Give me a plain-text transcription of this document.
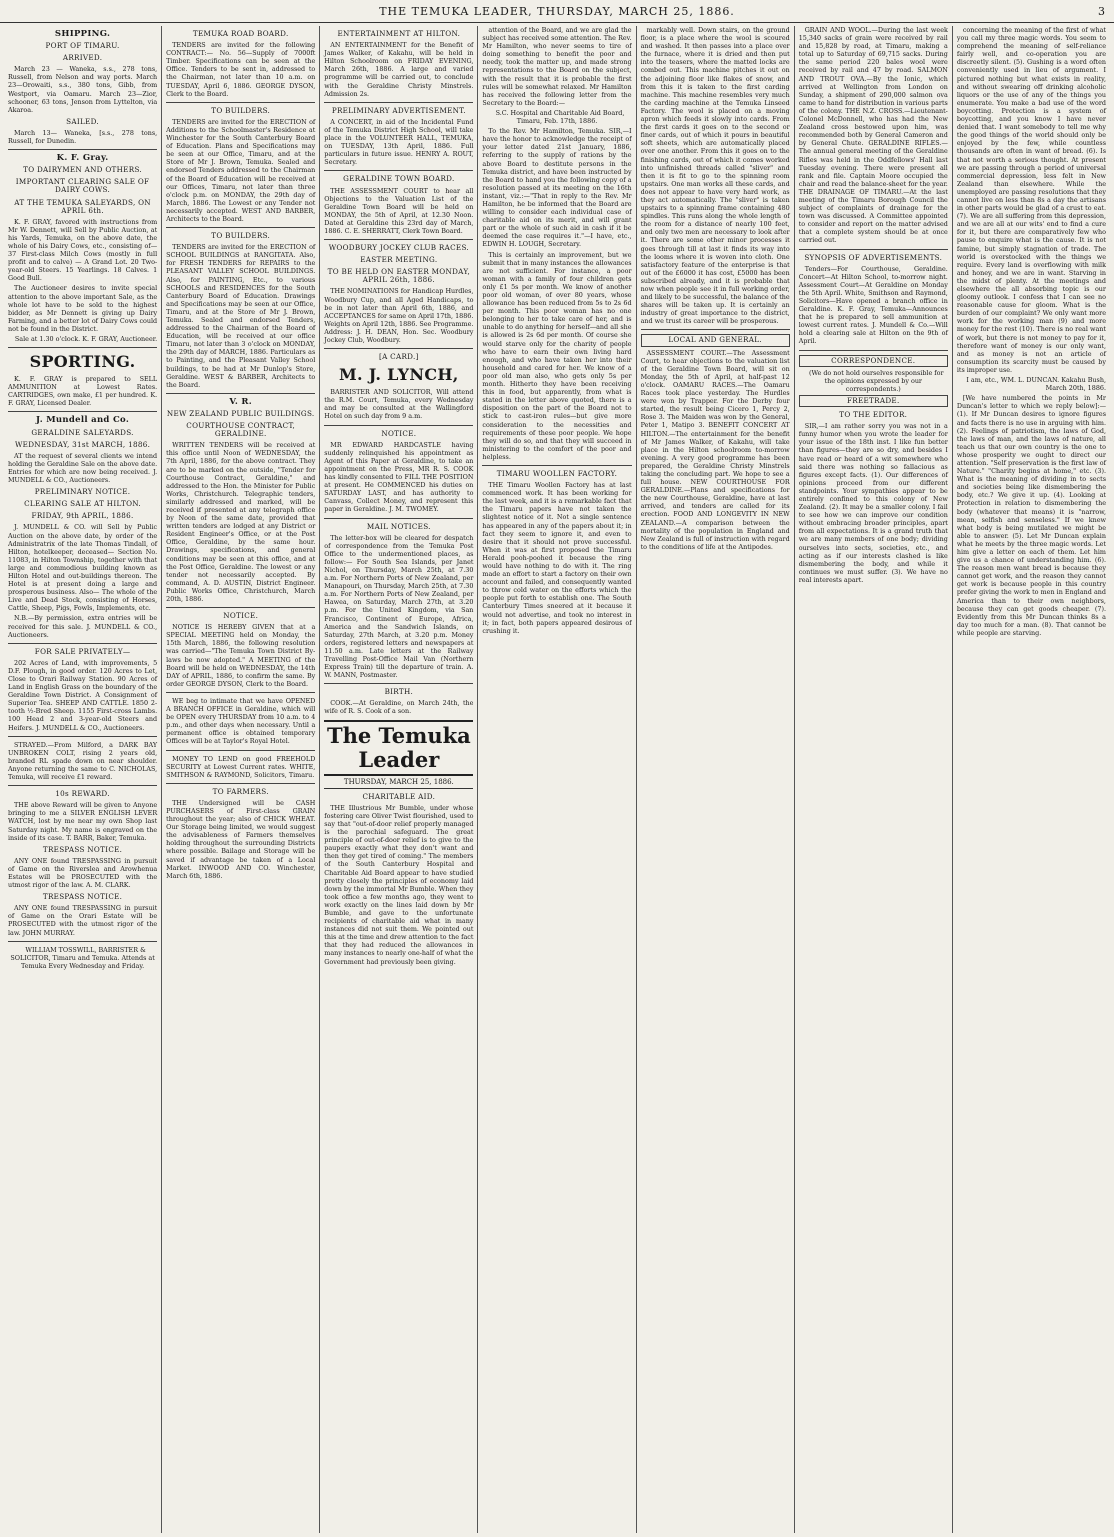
THE TEMUKA LEADER, THURSDAY, MARCH 25, 1886.	3
SHIPPING.
PORT OF TIMARU.
ARRIVED.

March 23 — Waneka, s.s., 278 tons, Russell, from Nelson and way ports. March 23—Orowaiti, s.s., 380 tons, Gibb, from Westport, via Oamaru. March 23—Zior, schooner, 63 tons, Jenson from Lyttelton, via Akaroa.

SAILED.

March 13— Waneka, [s.s., 278 tons, Russell, for Dunedin.

K. F. Gray.
TO DAIRYMEN AND OTHERS.
IMPORTANT CLEARING SALE OF DAIRY COWS.
AT THE TEMUKA SALEYARDS, ON APRIL 6th.

K. F. GRAY, favored with instructions from Mr W. Dennett, will Sell by Public Auction, at his Yards, Temuka, on the above date, the whole of his Dairy Cows, etc., consisting of— 37 First-class Milch Cows (mostly in full profit and to calve) — A Grand Lot. 20 Two-year-old Steers. 15 Yearlings. 18 Calves. 1 Good Bull.

The Auctioneer desires to invite special attention to the above important Sale, as the whole lot have to be sold to the highest bidder, as Mr Dennett is giving up Dairy Farming, and a better lot of Dairy Cows could not be found in the District.

Sale at 1.30 o'clock. K. F. GRAY, Auctioneer.

SPORTING.

K. F. GRAY is prepared to SELL AMMUNITION at Lowest Rates. CARTRIDGES, own make, £1 per hundred. K. F. GRAY, Licensed Dealer.

J. Mundell and Co.
GERALDINE SALEYARDS.
WEDNESDAY, 31st MARCH, 1886.

AT the request of several clients we intend holding the Geraldine Sale on the above date. Entries for which are now being received. J. MUNDELL & CO., Auctioneers.

PRELIMINARY NOTICE.
CLEARING SALE AT HILTON.
FRIDAY, 9th APRIL, 1886.

J. MUNDELL & CO. will Sell by Public Auction on the above date, by order of the Administratrix of the late Thomas Tindall, of Hilton, hotelkeeper, deceased— Section No. 11083, in Hilton Township, together with that large and commodious building known as Hilton Hotel and out-buildings thereon. The Hotel is at present doing a large and prosperous business. Also— The whole of the Live and Dead Stock, consisting of Horses, Cattle, Sheep, Pigs, Fowls, Implements, etc.

N.B.—By permission, extra entries will be received for this sale. J. MUNDELL & CO., Auctioneers.

FOR SALE PRIVATELY—

202 Acres of Land, with improvements, 5 D.F. Plough, in good order. 120 Acres to Let, Close to Orari Railway Station. 90 Acres of Land in English Grass on the boundary of the Geraldine Town District. A Consignment of Superior Tea. SHEEP AND CATTLE. 1850 2-tooth ½-Bred Sheep. 1155 First-cross Lambs. 100 Head 2 and 3-year-old Steers and Heifers. J. MUNDELL & CO., Auctioneers.

STRAYED.—From Milford, a DARK BAY UNBROKEN COLT, rising 2 years old, branded RL spade down on near shoulder. Anyone returning the same to C. NICHOLAS, Temuka, will receive £1 reward.

10s REWARD.

THE above Reward will be given to Anyone bringing to me a SILVER ENGLISH LEVER WATCH, lost by me near my own Shop last Saturday night. My name is engraved on the inside of its case. T. BARR, Baker, Temuka.

TRESPASS NOTICE.

ANY ONE found TRESPASSING in pursuit of Game on the Riverslea and Arowhenua Estates will be PROSECUTED with the utmost rigor of the law. A. M. CLARK.

TRESPASS NOTICE.

ANY ONE found TRESPASSING in pursuit of Game on the Orari Estate will be PROSECUTED with the utmost rigor of the law. JOHN MURRAY.

WILLIAM TOSSWILL, BARRISTER & SOLICITOR, Timaru and Temuka. Attends at Temuka Every Wednesday and Friday.

TEMUKA ROAD BOARD.

TENDERS are invited for the following CONTRACT:— No. 56—Supply of 7000ft Timber. Specifications can be seen at the Office. Tenders to be sent in, addressed to the Chairman, not later than 10 a.m. on TUESDAY, April 6, 1886. GEORGE DYSON, Clerk to the Board.

TO BUILDERS.

TENDERS are invited for the ERECTION of Additions to the Schoolmaster's Residence at Winchester for the South Canterbury Board of Education. Plans and Specifications may be seen at our Office, Timaru, and at the Store of Mr J. Brown, Temuka. Sealed and endorsed Tenders addressed to the Chairman of the Board of Education will be received at our Offices, Timaru, not later than three o'clock p.m. on MONDAY, the 29th day of March, 1886. The Lowest or any Tender not necessarily accepted. WEST AND BARBER, Architects to the Board.

TO BUILDERS.

TENDERS are invited for the ERECTION of SCHOOL BUILDINGS at RANGITATA. Also, for FRESH TENDERS for REPAIRS to the PLEASANT VALLEY SCHOOL BUILDINGS. Also, for PAINTING, Etc., to various SCHOOLS and RESIDENCES for the South Canterbury Board of Education. Drawings and Specifications may be seen at our Office, Timaru, and at the Store of Mr J. Brown, Temuka. Sealed and endorsed Tenders, addressed to the Chairman of the Board of Education, will be received at our office Timaru, not later than 3 o'clock on MONDAY, the 29th day of MARCH, 1886. Particulars as to Painting, and the Pleasant Valley School buildings, to be had at Mr Dunlop's Store, Geraldine. WEST & BARBER, Architects to the Board.

V. R.
NEW ZEALAND PUBLIC BUILDINGS.
COURTHOUSE CONTRACT, GERALDINE.

WRITTEN TENDERS will be received at this office until Noon of WEDNESDAY, the 7th April, 1886, for the above contract. They are to be marked on the outside, "Tender for Courthouse Contract, Geraldine," and addressed to the Hon. the Minister for Public Works, Christchurch. Telegraphic tenders, similarly addressed and marked, will be received if presented at any telegraph office by Noon of the same date, provided that written tenders are lodged at any District or Resident Engineer's Office, or at the Post Office, Geraldine, by the same hour. Drawings, specifications, and general conditions may be seen at this office, and at the Post Office, Geraldine. The lowest or any tender not necessarily accepted. By command, A. D. AUSTIN, District Engineer. Public Works Office, Christchurch, March 20th, 1886.

NOTICE.

NOTICE IS HEREBY GIVEN that at a SPECIAL MEETING held on Monday, the 15th March, 1886, the following resolution was carried—"The Temuka Town District By-laws be now adopted." A MEETING of the Board will be held on WEDNESDAY, the 14th DAY of APRIL, 1886, to confirm the same. By order GEORGE DYSON, Clerk to the Board.

WE beg to intimate that we have OPENED A BRANCH OFFICE in Geraldine, which will be OPEN every THURSDAY from 10 a.m. to 4 p.m., and other days when necessary. Until a permanent office is obtained temporary Offices will be at Taylor's Royal Hotel.

MONEY TO LEND on good FREEHOLD SECURITY at Lowest Current rates. WHITE, SMITHSON & RAYMOND, Solicitors, Timaru.

TO FARMERS.

THE Undersigned will be CASH PURCHASERS of First-class GRAIN throughout the year; also of CHICK WHEAT. Our Storage being limited, we would suggest the advisableness of Farmers themselves holding throughout the surrounding Districts where possible. Bailage and Storage will be saved if advantage be taken of a Local Market. INWOOD AND CO. Winchester, March 6th, 1886.

ENTERTAINMENT AT HILTON.

AN ENTERTAINMENT for the Benefit of James Walker, of Kakahu, will be held in Hilton Schoolroom on FRIDAY EVENING, March 26th, 1886. A large and varied programme will be carried out, to conclude with the Geraldine Christy Minstrels. Admission 2s.

PRELIMINARY ADVERTISEMENT.

A CONCERT, in aid of the Incidental Fund of the Temuka District High School, will take place in the VOLUNTEER HALL, TEMUKA, on TUESDAY, 13th April, 1886. Full particulars in future issue. HENRY A. ROUT, Secretary.

GERALDINE TOWN BOARD.

THE ASSESSMENT COURT to hear all Objections to the Valuation List of the Geraldine Town Board will be held on MONDAY, the 5th of April, at 12.30 Noon. Dated at Geraldine this 23rd day of March, 1886. C. E. SHERRATT, Clerk Town Board.

WOODBURY JOCKEY CLUB RACES.
EASTER MEETING.
TO BE HELD ON EASTER MONDAY, APRIL 26th, 1886.

THE NOMINATIONS for Handicap Hurdles, Woodbury Cup, and all Aged Handicaps, to be in not later than April 6th, 1886, and ACCEPTANCES for same on April 17th, 1886. Weights on April 12th, 1886. See Programme. Address: J. H. DEAN, Hon. Sec. Woodbury Jockey Club, Woodbury.

[A CARD.]
M. J. LYNCH,

BARRISTER AND SOLICITOR, Will attend the R.M. Court, Temuka, every Wednesday and may be consulted at the Wallingford Hotel on such day from 9 a.m.

NOTICE.

MR EDWARD HARDCASTLE having suddenly relinquished his appointment as Agent of this Paper at Geraldine, to take an appointment on the Press, MR R. S. COOK has kindly consented to FILL THE POSITION at present. He COMMENCED his duties on SATURDAY LAST, and has authority to Canvass, Collect Money, and represent this paper in Geraldine. J. M. TWOMEY.

MAIL NOTICES.

The letter-box will be cleared for despatch of correspondence from the Temuka Post Office to the undermentioned places, as follow:— For South Sea Islands, per Janet Nichol, on Thursday, March 25th, at 7.30 a.m. For Northern Ports of New Zealand, per Manapouri, on Thursday, March 25th, at 7.30 a.m. For Northern Ports of New Zealand, per Hawea, on Saturday, March 27th, at 3.20 p.m. For the United Kingdom, via San Francisco, Continent of Europe, Africa, America and the Sandwich Islands, on Saturday, 27th March, at 3.20 p.m. Money orders, registered letters and newspapers at 11.50 a.m. Late letters at the Railway Travelling Post-Office Mail Van (Northern Express Train) till the departure of train. A. W. MANN, Postmaster.

BIRTH.

COOK.—At Geraldine, on March 24th, the wife of R. S. Cook of a son.

The Temuka Leader
THURSDAY, MARCH 25, 1886.
CHARITABLE AID.

THE Illustrious Mr Bumble, under whose fostering care Oliver Twist flourished, used to say that "out-of-door relief properly managed is the parochial safeguard. The great principle of out-of-door relief is to give to the paupers exactly what they don't want and then they get tired of coming." The members of the South Canterbury Hospital and Charitable Aid Board appear to have studied pretty closely the principles of economy laid down by the immortal Mr Bumble. When they took office a few months ago, they went to work exactly on the lines laid down by Mr Bumble, and gave to the unfortunate recipients of charitable aid what in many instances did not suit them. We pointed out this at the time and drew attention to the fact that they had reduced the allowances in many instances to nearly one-half of what the Government had previously been giving.

attention of the Board, and we are glad the subject has received some attention. The Rev. Mr Hamilton, who never seems to tire of doing something to benefit the poor and needy, took the matter up, and made strong representations to the Board on the subject, with the result that it is probable the first rules will be somewhat relaxed. Mr Hamilton has received the following letter from the Secretary to the Board:—

S.C. Hospital and Charitable Aid Board, Timaru, Feb. 17th, 1886.

To the Rev. Mr Hamilton, Temuka. SIR,—I have the honor to acknowledge the receipt of your letter dated 21st January, 1886, referring to the supply of rations by the above Board to destitute persons in the Temuka district, and have been instructed by the Board to hand you the following copy of a resolution passed at its meeting on the 16th instant, viz.:—"That in reply to the Rev. Mr Hamilton, he be informed that the Board are willing to consider each individual case of charitable aid on its merit, and will grant part or the whole of such aid in cash if it be deemed the case requires it."—I have, etc., EDWIN H. LOUGH, Secretary.

This is certainly an improvement, but we submit that in many instances the allowances are not sufficient. For instance, a poor woman with a family of four children gets only £1 5s per month. We know of another poor old woman, of over 80 years, whose allowance has been reduced from 5s to 2s 6d per month. This poor woman has no one belonging to her to take care of her, and is unable to do anything for herself—and all she is allowed is 2s 6d per month. Of course she would starve only for the charity of people who have to earn their own living hard enough, and who have taken her into their household and cared for her. We know of a poor old man also, who gets only 5s per month. Hitherto they have been receiving this in food, but apparently, from what is stated in the letter above quoted, there is a disposition on the part of the Board not to stick to cast-iron rules—but give more consideration to the necessities and requirements of these poor people. We hope they will do so, and that they will succeed in ministering to the comfort of the poor and helpless.

TIMARU WOOLLEN FACTORY.

THE Timaru Woollen Factory has at last commenced work. It has been working for the last week, and it is a remarkable fact that the Timaru papers have not taken the slightest notice of it. Not a single sentence has appeared in any of the papers about it; in fact they seem to ignore it, and even to desire that it should not prove successful. When it was at first proposed the Timaru Herald pooh-poohed it because the ring would have nothing to do with it. The ring made an effort to start a factory on their own account and failed, and consequently wanted to throw cold water on the efforts which the people put forth to establish one. The South Canterbury Times sneered at it because it would not advertise, and took no interest in it; in fact, both papers appeared desirous of crushing it.

markably well. Down stairs, on the ground floor, is a place where the wool is scoured and washed. It then passes into a place over the furnace, where it is dried and then put into the teasers, where the matted locks are combed out. This machine pitches it out on the adjoining floor like flakes of snow, and from this it is taken to the first carding machine. This machine resembles very much the carding machine at the Temuka Linseed Factory. The wool is placed on a moving apron which feeds it slowly into cards. From the first cards it goes on to the second or finer cards, out of which it pours in beautiful soft sheets, which are automatically placed over one another. From this it goes on to the finishing cards, out of which it comes worked into unfinished threads called "sliver" and then it is fit to go to the spinning room upstairs. One man works all these cards, and does not appear to have very hard work, as they act automatically. The "sliver" is taken upstairs to a spinning frame containing 480 spindles. This runs along the whole length of the room for a distance of nearly 100 feet, and only two men are necessary to look after it. There are some other minor processes it goes through till at last it finds its way into the looms where it is woven into cloth. One satisfactory feature of the enterprise is that out of the £6000 it has cost, £5000 has been subscribed already, and it is probable that now when people see it in full working order, and likely to be successful, the balance of the shares will be taken up. It is certainly an industry of great importance to the district, and we trust its career will be prosperous.

LOCAL AND GENERAL.

ASSESSMENT COURT.—The Assessment Court, to hear objections to the valuation list of the Geraldine Town Board, will sit on Monday, the 5th of April, at half-past 12 o'clock. OAMARU RACES.—The Oamaru Races took place yesterday. The Hurdles were won by Trapper. For the Derby four started, the result being Cicero 1, Percy 2, Rose 3. The Maiden was won by the General, Peter 1, Matipo 3. BENEFIT CONCERT AT HILTON.—The entertainment for the benefit of Mr James Walker, of Kakahu, will take place in the Hilton schoolroom to-morrow evening. A very good programme has been prepared, the Geraldine Christy Minstrels taking the concluding part. We hope to see a full house. NEW COURTHOUSE FOR GERALDINE.—Plans and specifications for the new Courthouse, Geraldine, have at last arrived, and tenders are called for its erection. FOOD AND LONGEVITY IN NEW ZEALAND.—A comparison between the mortality of the population in England and New Zealand is full of instruction with regard to the conditions of life at the Antipodes.

GRAIN AND WOOL.—During the last week 15,340 sacks of grain were received by rail and 15,828 by road, at Timaru, making a total up to Saturday of 69,715 sacks. During the same period 220 bales wool were received by rail and 47 by road. SALMON AND TROUT OVA.—By the Ionic, which arrived at Wellington from London on Sunday, a shipment of 290,000 salmon ova came to hand for distribution in various parts of the colony. THE N.Z. CROSS.—Lieutenant-Colonel McDonnell, who has had the New Zealand cross bestowed upon him, was recommended both by General Cameron and by General Chute. GERALDINE RIFLES.—The annual general meeting of the Geraldine Rifles was held in the Oddfellows' Hall last Tuesday evening. There were present all rank and file. Captain Moore occupied the chair and read the balance-sheet for the year. THE DRAINAGE OF TIMARU.—At the last meeting of the Timaru Borough Council the subject of complaints of drainage for the town was discussed. A Committee appointed to consider and report on the matter advised that a complete system should be at once carried out.

SYNOPSIS OF ADVERTISEMENTS.

Tenders—For Courthouse, Geraldine. Concert—At Hilton School, to-morrow night. Assessment Court—At Geraldine on Monday the 5th April. White, Smithson and Raymond, Solicitors—Have opened a branch office in Geraldine. K. F. Gray, Temuka—Announces that he is prepared to sell ammunition at lowest current rates. J. Mundell & Co.—Will hold a clearing sale at Hilton on the 9th of April.

CORRESPONDENCE.

(We do not hold ourselves responsible for the opinions expressed by our correspondents.)

FREETRADE.
TO THE EDITOR.

SIR,—I am rather sorry you was not in a funny humor when you wrote the leader for your issue of the 18th inst. I like fun better than figures—they are so dry, and besides I have read or heard of a wit somewhere who said there was nothing so fallacious as figures except facts. (1). Our differences of opinions proceed from our different standpoints. Your sympathies appear to be entirely confined to this colony of New Zealand. (2). It may be a smaller colony. I fail to see how we can improve our condition without embracing broader principles, apart from all expectations. It is a grand truth that we are many members of one body; dividing ourselves into sects, societies, etc., and acting as if our interests clashed is like dismembering the body, and while it continues we must suffer. (3). We have no real interests apart.

concerning the meaning of the first of what you call my three magic words. You seem to comprehend the meaning of self-reliance fairly well, and co-operation you are discreetly silent. (5). Gushing is a word often conveniently used in lieu of argument. I pictured nothing but what exists in reality, and without swearing off drinking alcoholic liquors or the use of any of the things you enumerate. You make a bad use of the word boycotting. Protection is a system of boycotting, and you know I have never denied that. I want somebody to tell me why the good things of the world should only be enjoyed by the few, while countless thousands are often in want of bread. (6). Is that not worth a serious thought. At present we are passing through a period of universal commercial depression, less felt in New Zealand than elsewhere. While the unemployed are passing resolutions that they cannot live on less than 8s a day the artisans in other parts would be glad of a crust to eat. (7). We are all suffering from this depression, and we are all at our wits' end to find a cure for it, but there are comparatively few who pause to enquire what is the cause. It is not famine, but simply stagnation of trade. The world is overstocked with the things we require. Every land is overflowing with milk and honey, and we are in want. Starving in the midst of plenty. At the meetings and elsewhere the all absorbing topic is our gloomy outlook. I confess that I can see no reasonable cause for gloom. What is the burden of our complaint? We only want more work for the working man (9) and more money for the rest (10). There is no real want of work, but there is not money to pay for it, therefore want of money is our only want, and as money is not an article of consumption its scarcity must be caused by its improper use.

I am, etc., WM. L. DUNCAN. Kakahu Bush, March 20th, 1886.

[We have numbered the points in Mr Duncan's letter to which we reply below]:— (1). If Mr Duncan desires to ignore figures and facts there is no use in arguing with him. (2). Feelings of patriotism, the laws of God, the laws of man, and the laws of nature, all teach us that our own country is the one to whose prosperity we ought to direct our attention. "Self preservation is the first law of Nature." "Charity begins at home," etc. (3). What is the meaning of dividing in to sects and societies being like dismembering the body, etc.? We give it up. (4). Looking at Protection in relation to dismembering the body (whatever that means) it is "narrow, mean, selfish and senseless." If we knew what body is being mutilated we might be able to answer. (5). Let Mr Duncan explain what he meets by the three magic words. Let him give a letter on each of them. Let him give us a chance of understanding him. (6). The reason men want bread is because they cannot get work, and the reason they cannot get work is because people in this country prefer giving the work to men in England and America than to their own neighbors, because they can get goods cheaper. (7). Evidently from this Mr Duncan thinks 8s a day too much for a man. (8). That cannot be while people are starving.
